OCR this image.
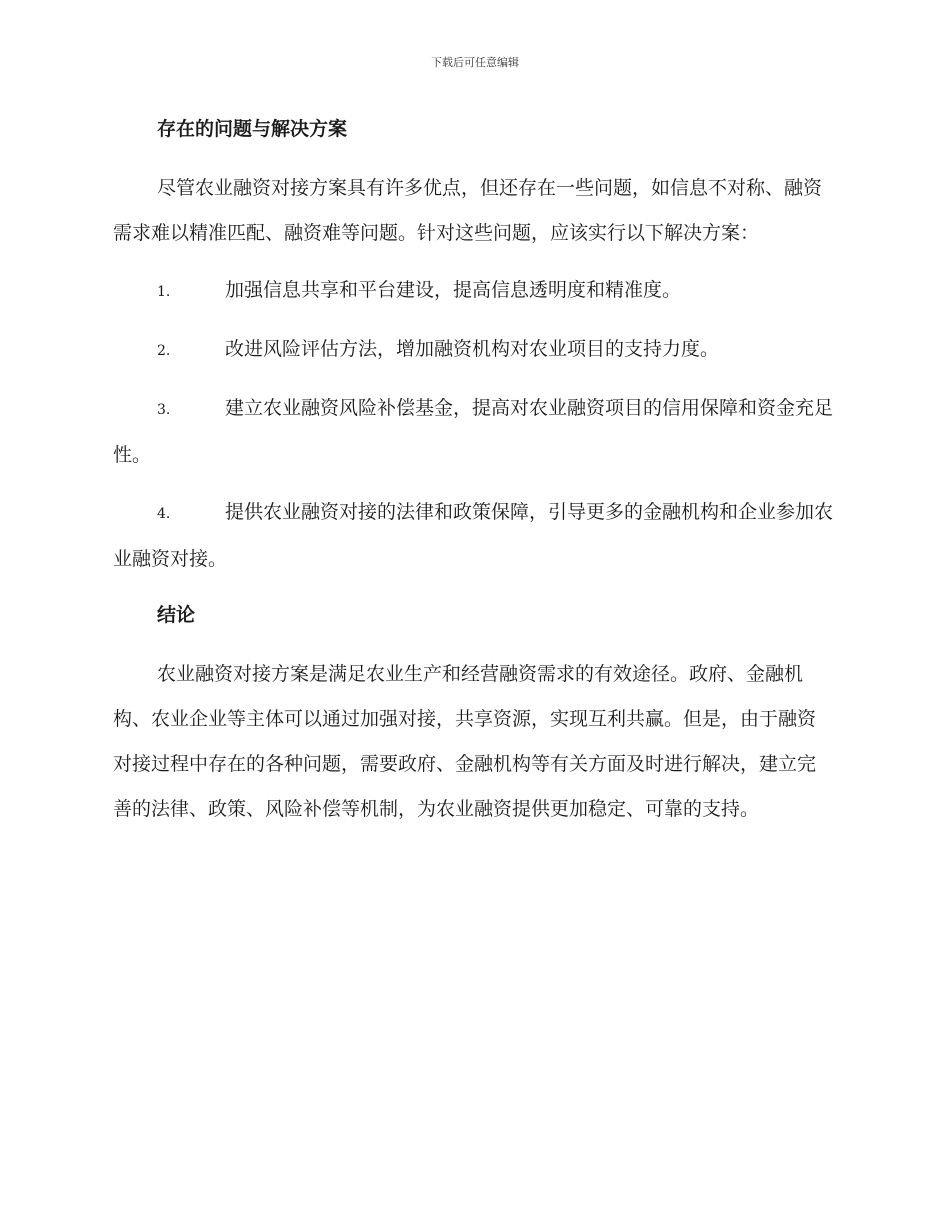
下载后可任意编辑
存在的问题与解决方案

尽管农业融资对接方案具有许多优点，但还存在一些问题，如信息不对称、融资需求难以精准匹配、融资难等问题。针对这些问题，应该实行以下解决方案：

1.	加强信息共享和平台建设，提高信息透明度和精准度。
2.	改进风险评估方法，增加融资机构对农业项目的支持力度。
3.	建立农业融资风险补偿基金，提高对农业融资项目的信用保障和资金充足性。
4.	提供农业融资对接的法律和政策保障，引导更多的金融机构和企业参加农业融资对接。
结论

农业融资对接方案是满足农业生产和经营融资需求的有效途径。政府、金融机构、农业企业等主体可以通过加强对接，共享资源，实现互利共赢。但是，由于融资对接过程中存在的各种问题，需要政府、金融机构等有关方面及时进行解决，建立完善的法律、政策、风险补偿等机制，为农业融资提供更加稳定、可靠的支持。
